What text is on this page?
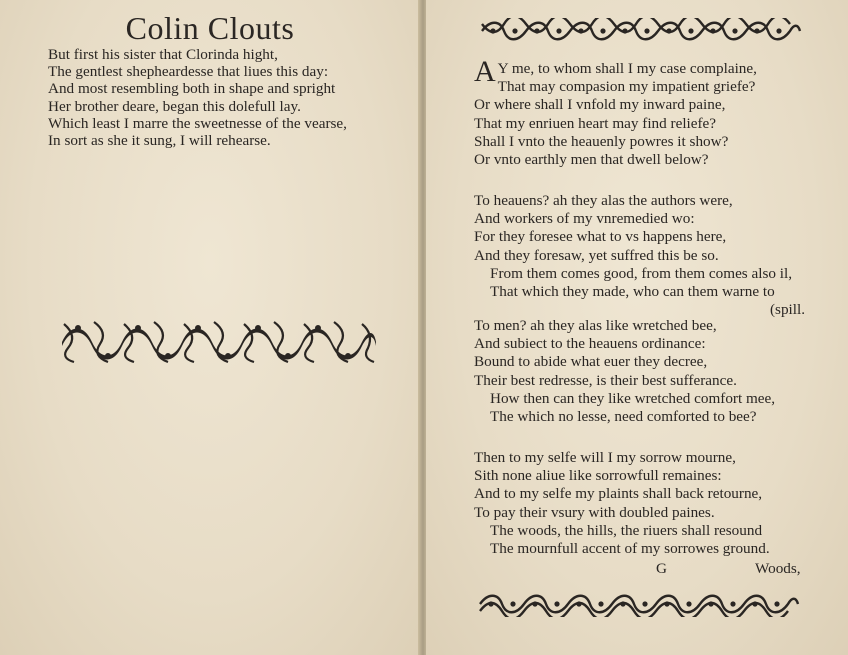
Colin Clouts
But first his sister that Clorinda hight,
The gentlest shepheardesse that liues this day:
And most resembling both in shape and spright
Her brother deare, began this dolefull lay.
Which least I marre the sweetnesse of the vearse,
In sort as she it sung, I will rehearse.
A Y me, to whom shall I my case complaine,
That may compasion my impatient griefe?
Or where shall I vnfold my inward paine,
That my enriuen heart may find reliefe?
Shall I vnto the heauenly powres it show?
Or vnto earthly men that dwell below?
To heauens? ah they alas the authors were,
And workers of my vnremedied wo:
For they foresee what to vs happens here,
And they foresaw, yet suffred this be so.
From them comes good, from them comes also il,
That which they made, who can them warne to
(spill.
To men? ah they alas like wretched bee,
And subiect to the heauens ordinance:
Bound to abide what euer they decree,
Their best redresse, is their best sufferance.
How then can they like wretched comfort mee,
The which no lesse, need comforted to bee?
Then to my selfe will I my sorrow mourne,
Sith none aliue like sorrowfull remaines:
And to my selfe my plaints shall back retourne,
To pay their vsury with doubled paines.
The woods, the hills, the riuers shall resound
The mournfull accent of my sorrowes ground.
G	Woods,
